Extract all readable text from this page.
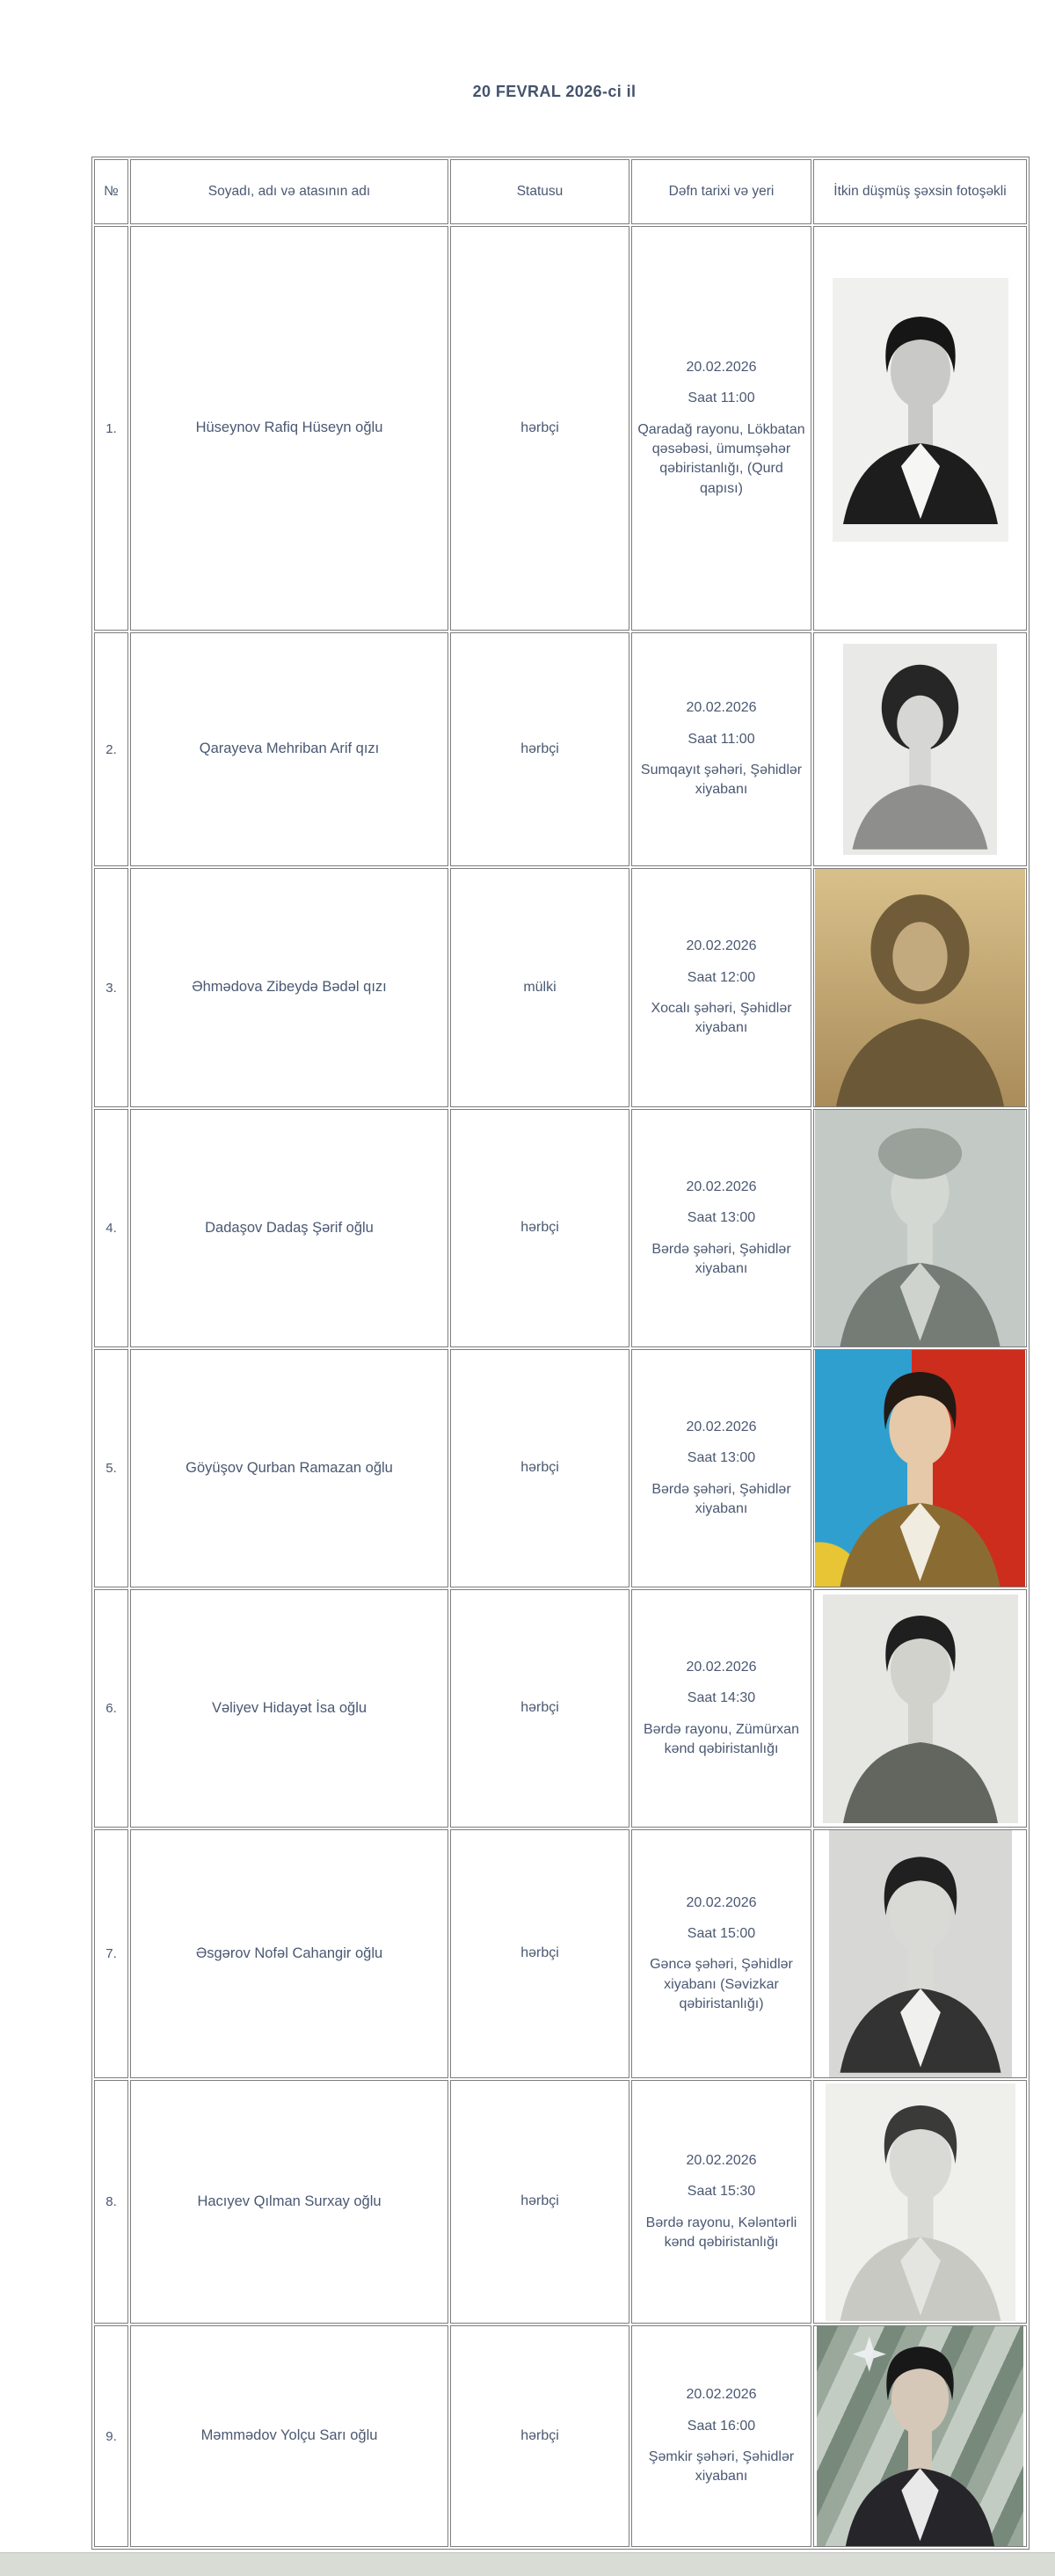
20 FEVRAL 2026-ci il
№	Soyadı, adı və atasının adı	Statusu	Dəfn tarixi və yeri	İtkin düşmüş şəxsin fotoşəkli
1.	Hüseynov Rafiq Hüseyn oğlu	hərbçi	20.02.2026

Saat 11:00

Qaradağ rayonu, Lökbatan qəsəbəsi, ümumşəhər qəbiristanlığı, (Qurd qapısı)

2.	Qarayeva Mehriban Arif qızı	hərbçi	20.02.2026

Saat 11:00

Sumqayıt şəhəri, Şəhidlər xiyabanı

3.	Əhmədova Zibeydə Bədəl qızı	mülki	20.02.2026

Saat 12:00

Xocalı şəhəri, Şəhidlər xiyabanı

4.	Dadaşov Dadaş Şərif oğlu	hərbçi	20.02.2026

Saat 13:00

Bərdə şəhəri, Şəhidlər xiyabanı

5.	Göyüşov Qurban Ramazan oğlu	hərbçi	20.02.2026

Saat 13:00

Bərdə şəhəri, Şəhidlər xiyabanı

6.	Vəliyev Hidayət İsa oğlu	hərbçi	20.02.2026

Saat 14:30

Bərdə rayonu, Zümürxan kənd qəbiristanlığı

7.	Əsgərov Nofəl Cahangir oğlu	hərbçi	20.02.2026

Saat 15:00

Gəncə şəhəri, Şəhidlər xiyabanı (Səvizkar qəbiristanlığı)

8.	Hacıyev Qılman Surxay oğlu	hərbçi	20.02.2026

Saat 15:30

Bərdə rayonu, Kələntərli kənd qəbiristanlığı

9.	Məmmədov Yolçu Sarı oğlu	hərbçi	20.02.2026

Saat 16:00

Şəmkir şəhəri, Şəhidlər xiyabanı
